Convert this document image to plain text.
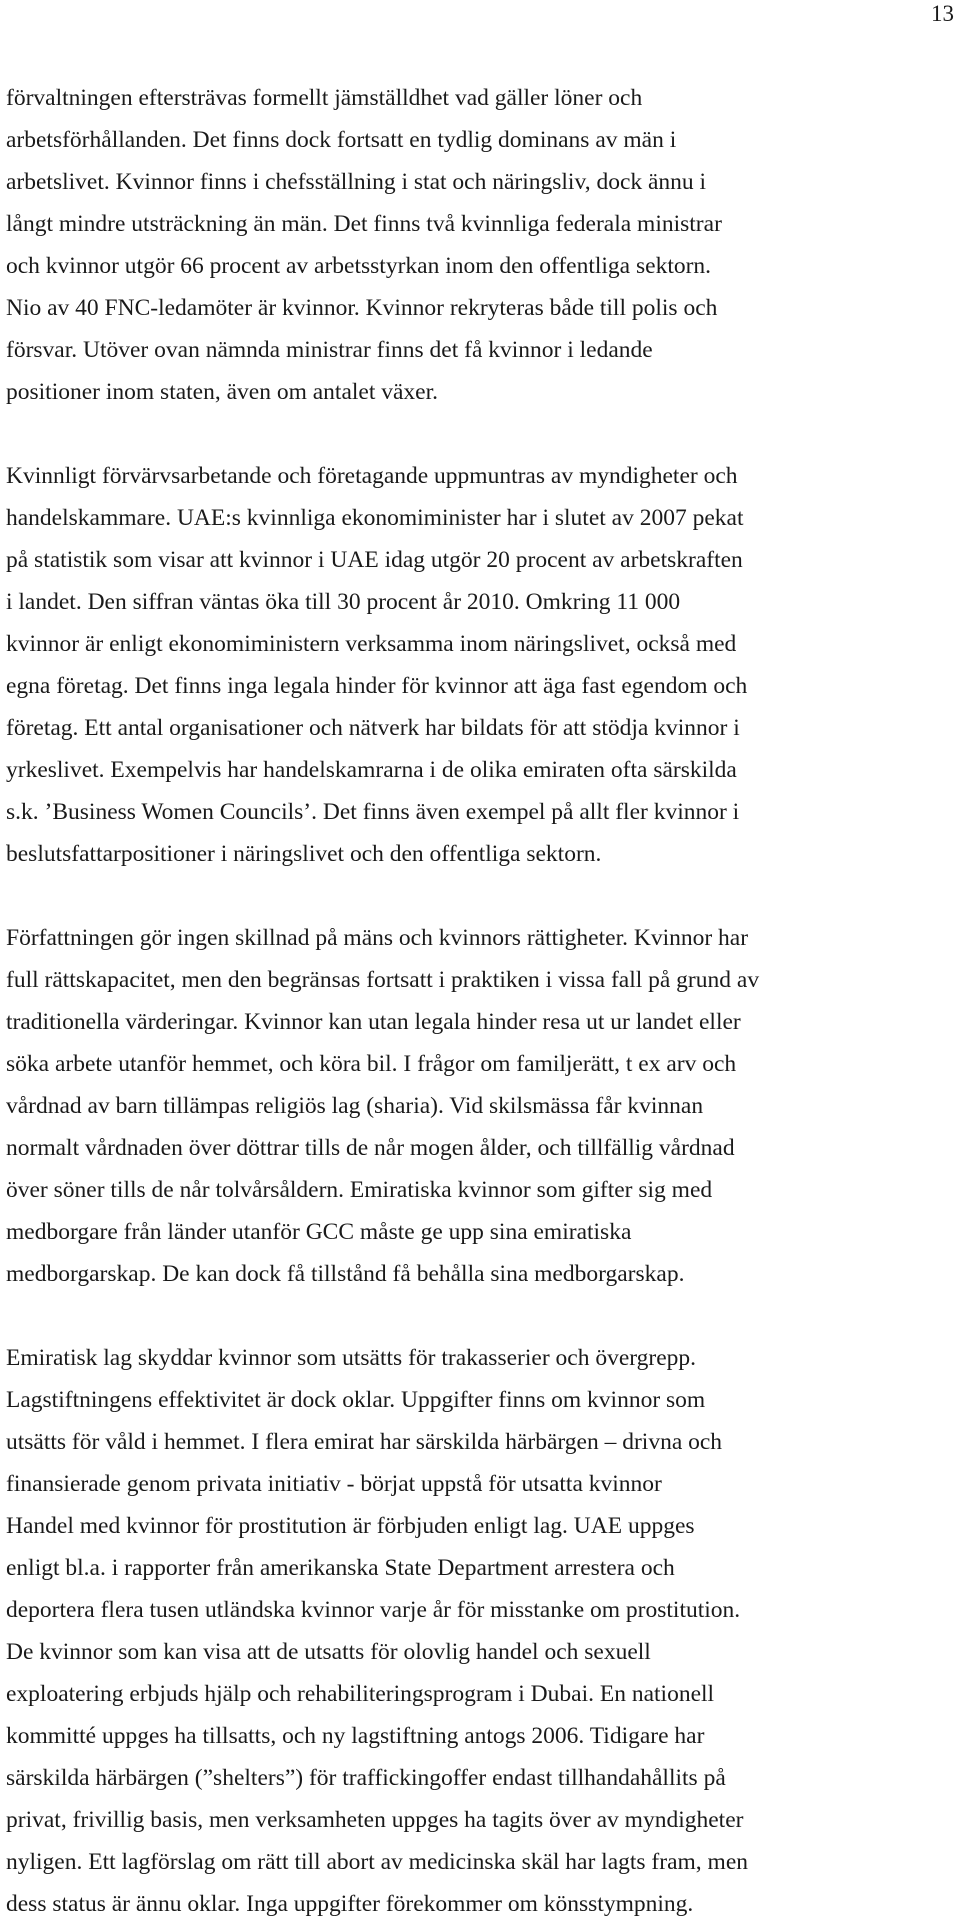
13
förvaltningen eftersträvas formellt jämställdhet vad gäller löner och
arbetsförhållanden. Det finns dock fortsatt en tydlig dominans av män i
arbetslivet. Kvinnor finns i chefsställning i stat och näringsliv, dock ännu i
långt mindre utsträckning än män. Det finns två kvinnliga federala ministrar
och kvinnor utgör 66 procent av arbetsstyrkan inom den offentliga sektorn.
Nio av 40 FNC-ledamöter är kvinnor. Kvinnor rekryteras både till polis och
försvar. Utöver ovan nämnda ministrar finns det få kvinnor i ledande
positioner inom staten, även om antalet växer.
Kvinnligt förvärvsarbetande och företagande uppmuntras av myndigheter och
handelskammare. UAE:s kvinnliga ekonomiminister har i slutet av 2007 pekat
på statistik som visar att kvinnor i UAE idag utgör 20 procent av arbetskraften
i landet. Den siffran väntas öka till 30 procent år 2010. Omkring 11 000
kvinnor är enligt ekonomiministern verksamma inom näringslivet, också med
egna företag. Det finns inga legala hinder för kvinnor att äga fast egendom och
företag. Ett antal organisationer och nätverk har bildats för att stödja kvinnor i
yrkeslivet. Exempelvis har handelskamrarna i de olika emiraten ofta särskilda
s.k. ’Business Women Councils’. Det finns även exempel på allt fler kvinnor i
beslutsfattarpositioner i näringslivet och den offentliga sektorn.
Författningen gör ingen skillnad på mäns och kvinnors rättigheter. Kvinnor har
full rättskapacitet, men den begränsas fortsatt i praktiken i vissa fall på grund av
traditionella värderingar. Kvinnor kan utan legala hinder resa ut ur landet eller
söka arbete utanför hemmet, och köra bil. I frågor om familjerätt, t ex arv och
vårdnad av barn tillämpas religiös lag (sharia). Vid skilsmässa får kvinnan
normalt vårdnaden över döttrar tills de når mogen ålder, och tillfällig vårdnad
över söner tills de når tolvårsåldern. Emiratiska kvinnor som gifter sig med
medborgare från länder utanför GCC måste ge upp sina emiratiska
medborgarskap. De kan dock få tillstånd få behålla sina medborgarskap.
Emiratisk lag skyddar kvinnor som utsätts för trakasserier och övergrepp.
Lagstiftningens effektivitet är dock oklar. Uppgifter finns om kvinnor som
utsätts för våld i hemmet. I flera emirat har särskilda härbärgen – drivna och
finansierade genom privata initiativ - börjat uppstå för utsatta kvinnor
Handel med kvinnor för prostitution är förbjuden enligt lag. UAE uppges
enligt bl.a. i rapporter från amerikanska State Department arrestera och
deportera flera tusen utländska kvinnor varje år för misstanke om prostitution.
De kvinnor som kan visa att de utsatts för olovlig handel och sexuell
exploatering erbjuds hjälp och rehabiliteringsprogram i Dubai. En nationell
kommitté uppges ha tillsatts, och ny lagstiftning antogs 2006. Tidigare har
särskilda härbärgen (”shelters”) för traffickingoffer endast tillhandahållits på
privat, frivillig basis, men verksamheten uppges ha tagits över av myndigheter
nyligen. Ett lagförslag om rätt till abort av medicinska skäl har lagts fram, men
dess status är ännu oklar. Inga uppgifter förekommer om könsstympning.
